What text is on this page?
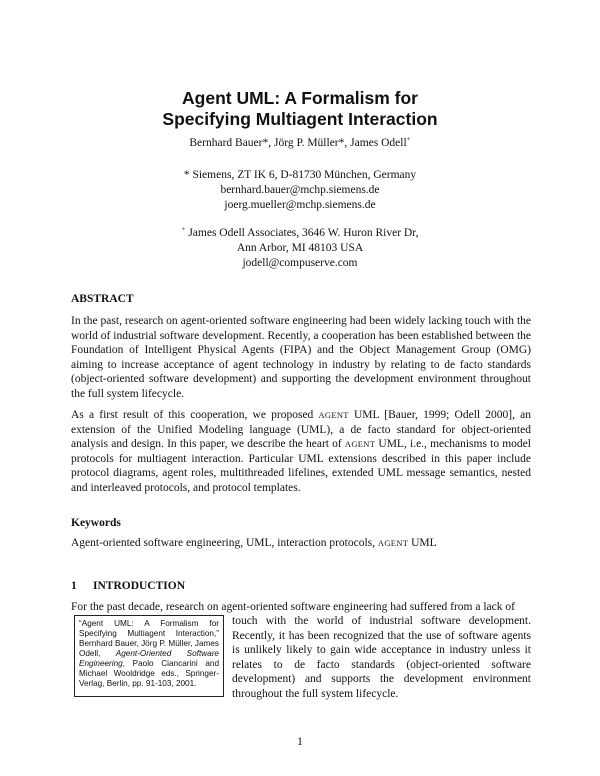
Agent UML: A Formalism for
Specifying Multiagent Interaction
Bernhard Bauer*, Jörg P. Müller*, James Odell+
* Siemens, ZT IK 6, D-81730 München, Germany
bernhard.bauer@mchp.siemens.de
joerg.mueller@mchp.siemens.de
+ James Odell Associates, 3646 W. Huron River Dr,
Ann Arbor, MI 48103 USA
jodell@compuserve.com
ABSTRACT
In the past, research on agent-oriented software engineering had been widely lacking touch with the world of industrial software development. Recently, a cooperation has been established between the Foundation of Intelligent Physical Agents (FIPA) and the Object Management Group (OMG) aiming to increase acceptance of agent technology in industry by relating to de facto standards (object-oriented software development) and supporting the development environment throughout the full system lifecycle.
As a first result of this cooperation, we proposed AGENT UML [Bauer, 1999; Odell 2000], an extension of the Unified Modeling language (UML), a de facto standard for object-oriented analysis and design. In this paper, we describe the heart of AGENT UML, i.e., mechanisms to model protocols for multiagent interaction. Particular UML extensions described in this paper include protocol diagrams, agent roles, multithreaded lifelines, extended UML message semantics, nested and interleaved protocols, and protocol templates.
Keywords
Agent-oriented software engineering, UML, interaction protocols, AGENT UML
1 INTRODUCTION
For the past decade, research on agent-oriented software engineering had suffered from a lack of
“Agent UML: A Formalism for Specifying Multiagent Interaction,” Bernhard Bauer, Jörg P. Müller, James Odell, Agent-Oriented Software Engineering, Paolo Ciancarini and Michael Wooldridge eds., Springer-Verlag, Berlin, pp. 91-103, 2001.
touch with the world of industrial software development. Recently, it has been recognized that the use of software agents is unlikely likely to gain wide acceptance in industry unless it relates to de facto standards (object-oriented software development) and supports the development environment throughout the full system lifecycle.
1
